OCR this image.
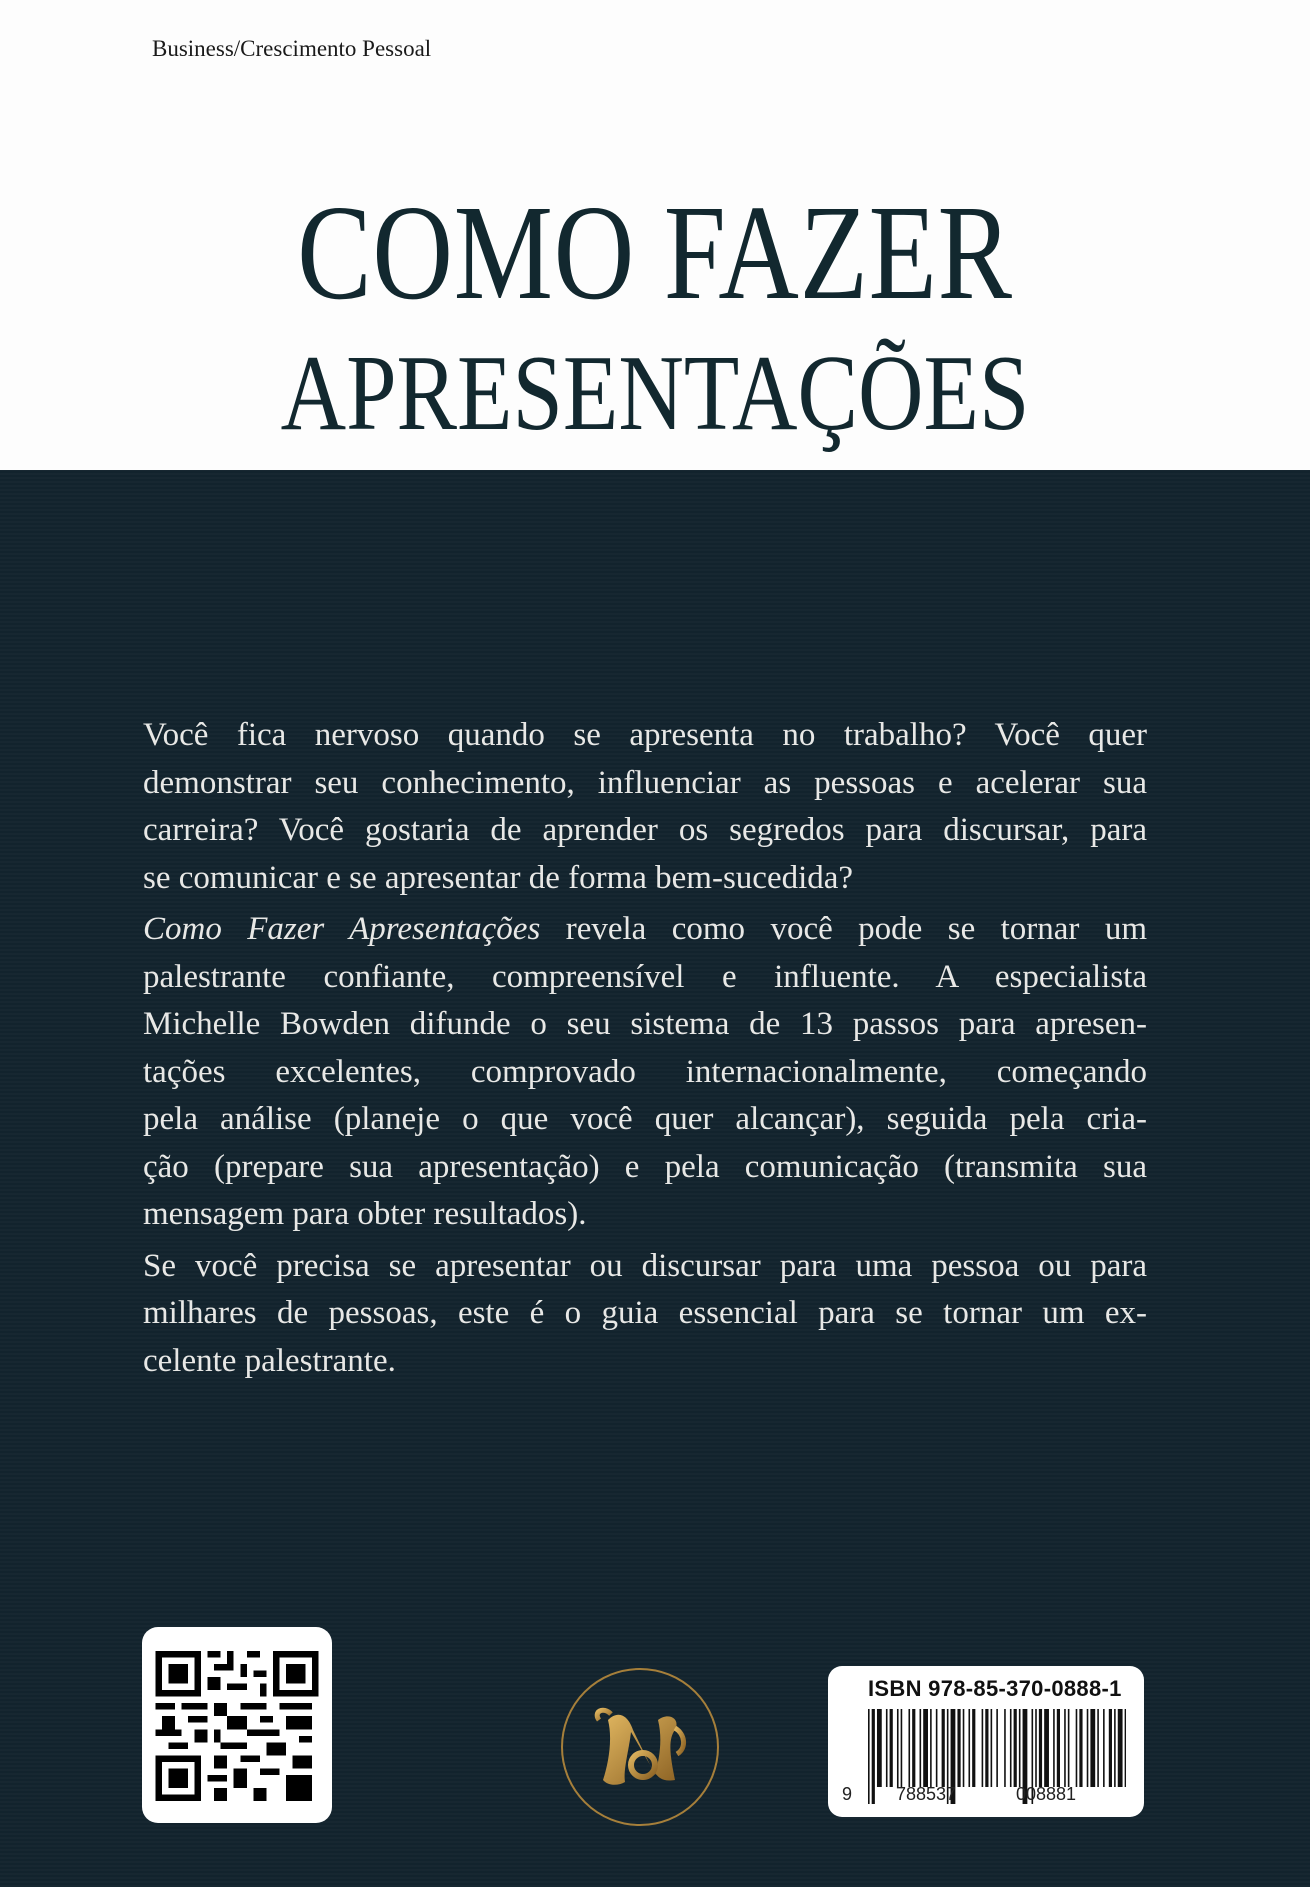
Business/Crescimento Pessoal
COMO FAZER
APRESENTAÇÕES
Você fica nervoso quando se apresenta no trabalho? Você quer
demonstrar seu conhecimento, influenciar as pessoas e acelerar sua
carreira? Você gostaria de aprender os segredos para discursar, para
se comunicar e se apresentar de forma bem-sucedida?
Como Fazer Apresentações revela como você pode se tornar um
palestrante confiante, compreensível e influente. A especialista
Michelle Bowden difunde o seu sistema de 13 passos para apresen-
tações excelentes, comprovado internacionalmente, começando
pela análise (planeje o que você quer alcançar), seguida pela cria-
ção (prepare sua apresentação) e pela comunicação (transmita sua
mensagem para obter resultados).
Se você precisa se apresentar ou discursar para uma pessoa ou para
milhares de pessoas, este é o guia essencial para se tornar um ex-
celente palestrante.
ISBN 978-85-370-0888-1
9 788537	008881
